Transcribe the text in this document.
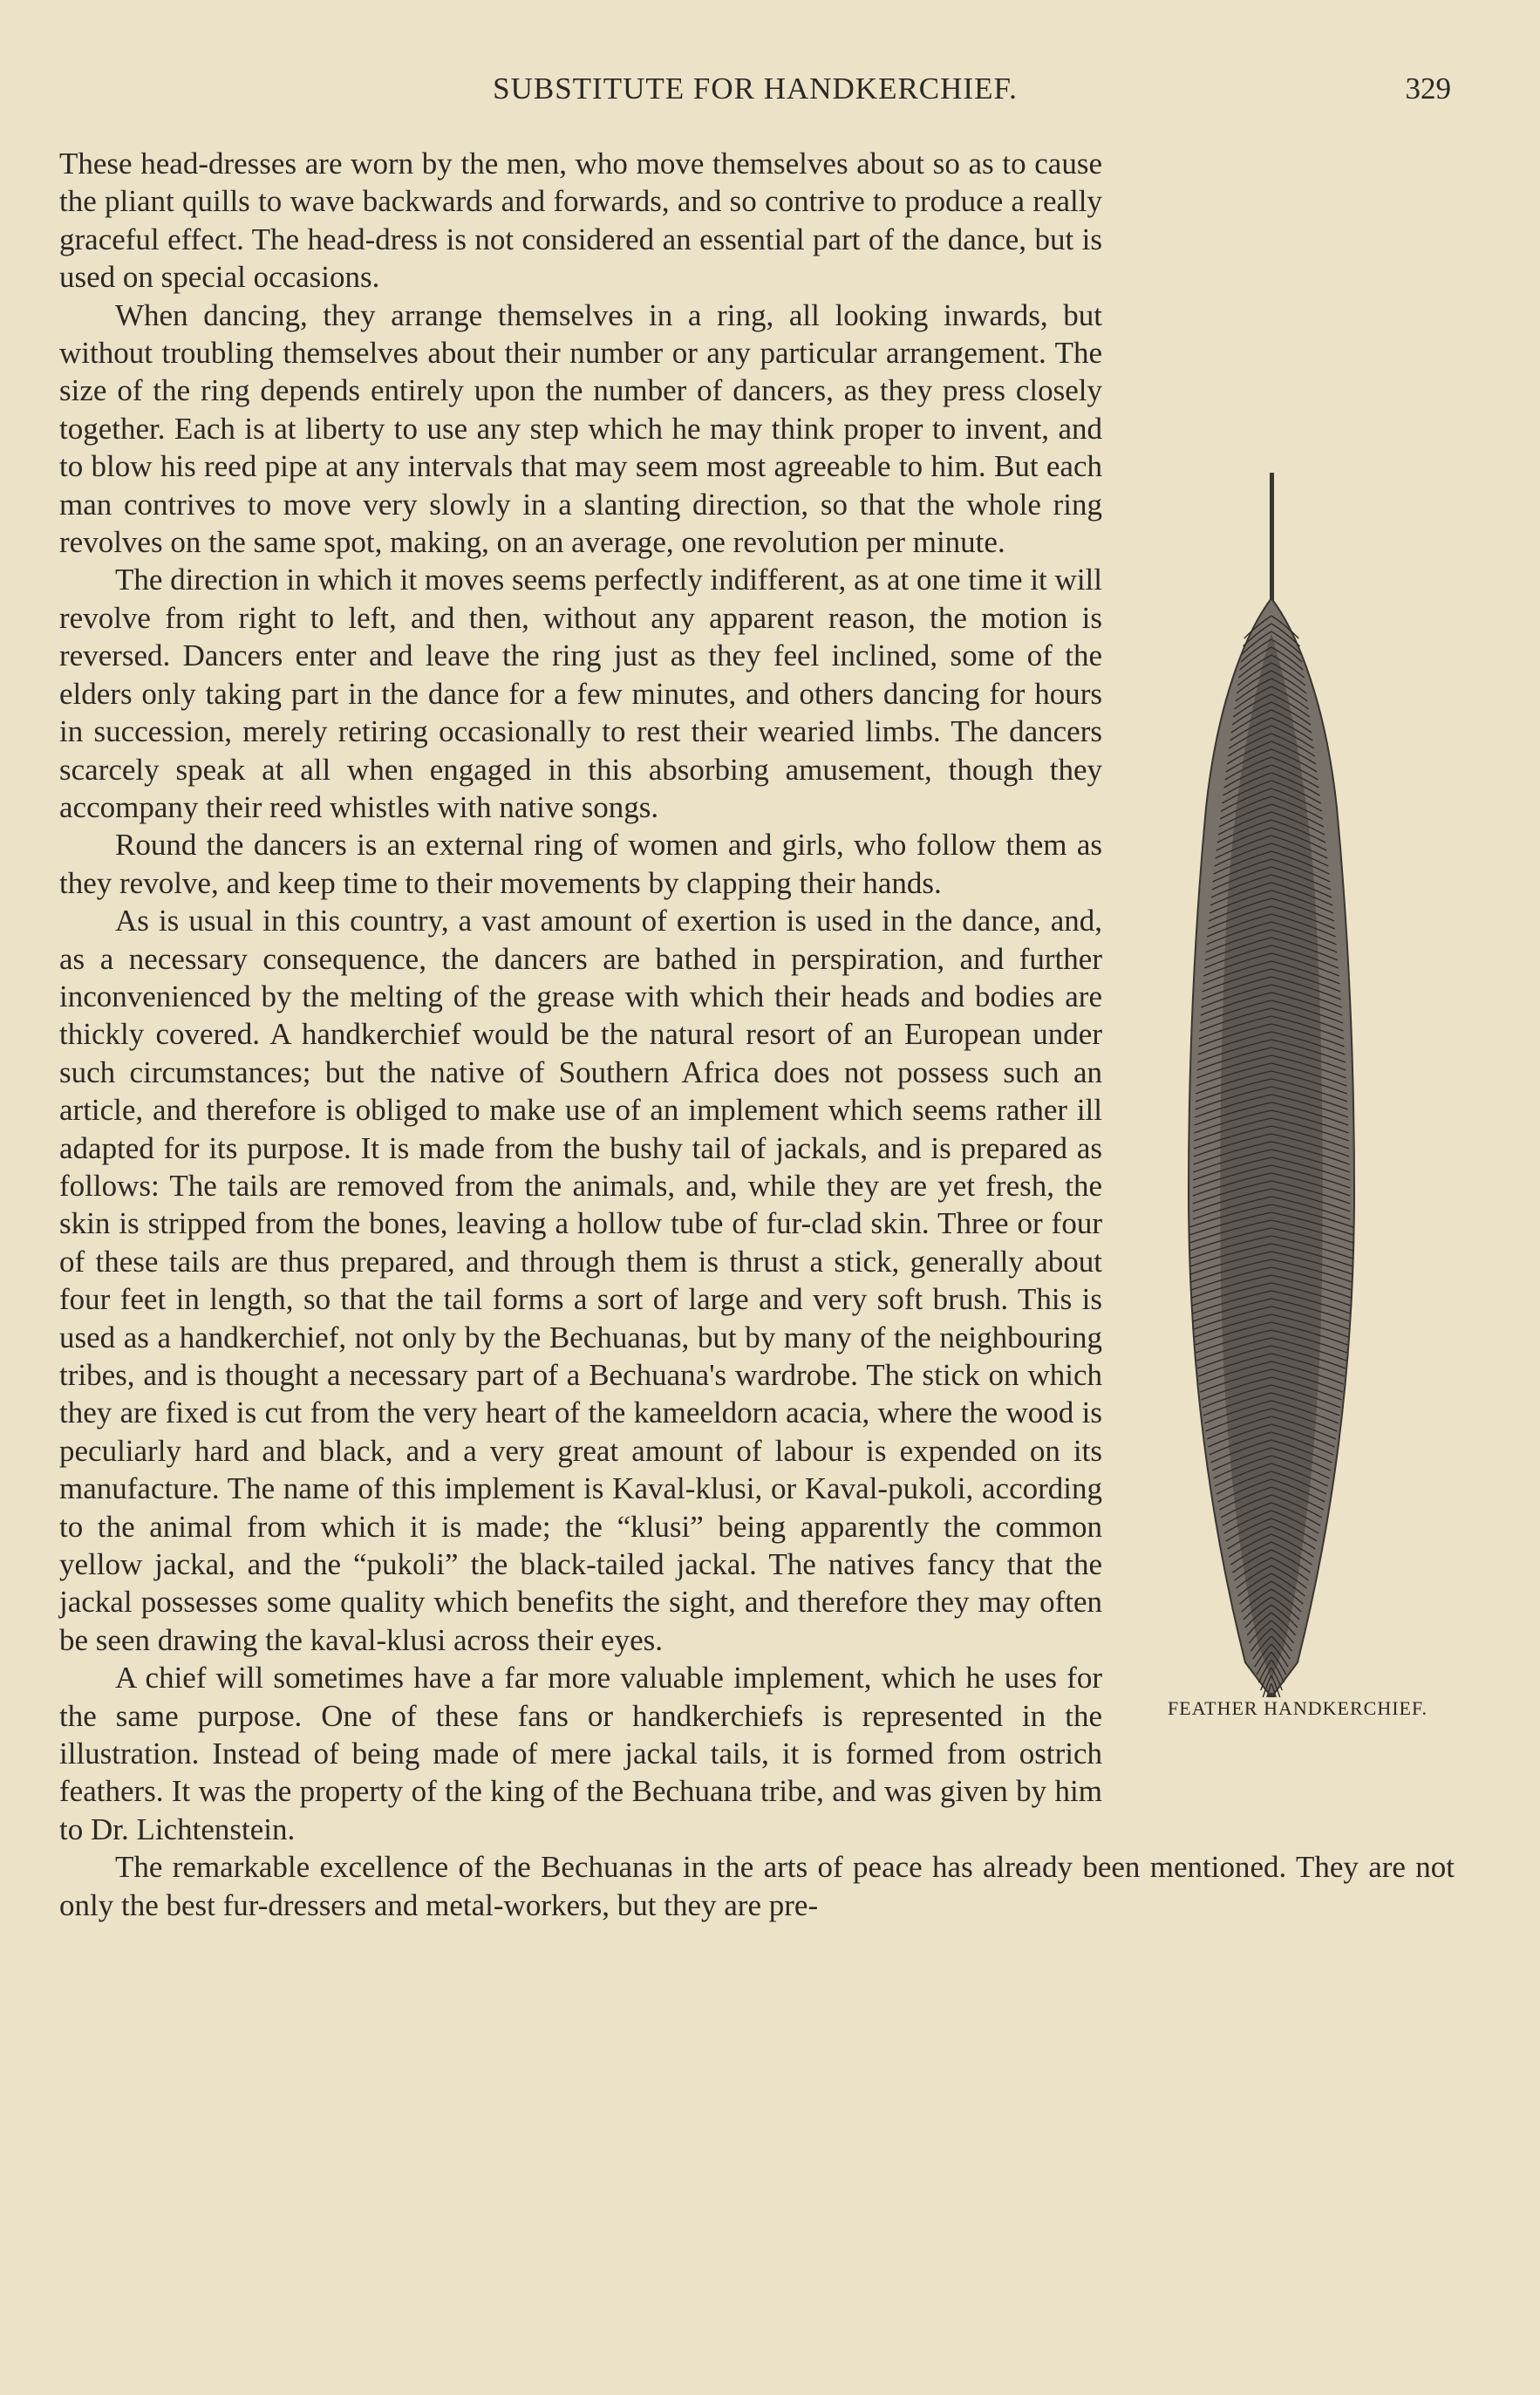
SUBSTITUTE FOR HANDKERCHIEF.	329
FEATHER HANDKERCHIEF.

These head-dresses are worn by the men, who move themselves about so as to cause the pliant quills to wave backwards and forwards, and so contrive to produce a really graceful effect. The head-dress is not considered an essential part of the dance, but is used on special occasions.

When dancing, they arrange themselves in a ring, all looking inwards, but without troubling themselves about their number or any particular arrangement. The size of the ring depends entirely upon the number of dancers, as they press closely together. Each is at liberty to use any step which he may think proper to invent, and to blow his reed pipe at any intervals that may seem most agreeable to him. But each man contrives to move very slowly in a slanting direction, so that the whole ring revolves on the same spot, making, on an average, one revolution per minute.

The direction in which it moves seems perfectly indifferent, as at one time it will revolve from right to left, and then, without any apparent reason, the motion is reversed. Dancers enter and leave the ring just as they feel inclined, some of the elders only taking part in the dance for a few minutes, and others dancing for hours in succession, merely retiring occasionally to rest their wearied limbs. The dancers scarcely speak at all when engaged in this absorbing amusement, though they accompany their reed whistles with native songs.

Round the dancers is an external ring of women and girls, who follow them as they revolve, and keep time to their movements by clapping their hands.

As is usual in this country, a vast amount of exertion is used in the dance, and, as a necessary consequence, the dancers are bathed in perspiration, and further inconvenienced by the melting of the grease with which their heads and bodies are thickly covered. A handkerchief would be the natural resort of an European under such circumstances; but the native of Southern Africa does not possess such an article, and therefore is obliged to make use of an implement which seems rather ill adapted for its purpose. It is made from the bushy tail of jackals, and is prepared as follows: The tails are removed from the animals, and, while they are yet fresh, the skin is stripped from the bones, leaving a hollow tube of fur-clad skin. Three or four of these tails are thus prepared, and through them is thrust a stick, generally about four feet in length, so that the tail forms a sort of large and very soft brush. This is used as a handkerchief, not only by the Bechuanas, but by many of the neighbouring tribes, and is thought a necessary part of a Bechuana's wardrobe. The stick on which they are fixed is cut from the very heart of the kameeldorn acacia, where the wood is peculiarly hard and black, and a very great amount of labour is expended on its manufacture. The name of this implement is Kaval-klusi, or Kaval-pukoli, according to the animal from which it is made; the “klusi” being apparently the common yellow jackal, and the “pukoli” the black-tailed jackal. The natives fancy that the jackal possesses some quality which benefits the sight, and therefore they may often be seen drawing the kaval-klusi across their eyes.

A chief will sometimes have a far more valuable implement, which he uses for the same purpose. One of these fans or handkerchiefs is represented in the illustration. Instead of being made of mere jackal tails, it is formed from ostrich feathers. It was the property of the king of the Bechuana tribe, and was given by him to Dr. Lichtenstein.

The remarkable excellence of the Bechuanas in the arts of peace has already been mentioned. They are not only the best fur-dressers and metal-workers, but they are pre-
